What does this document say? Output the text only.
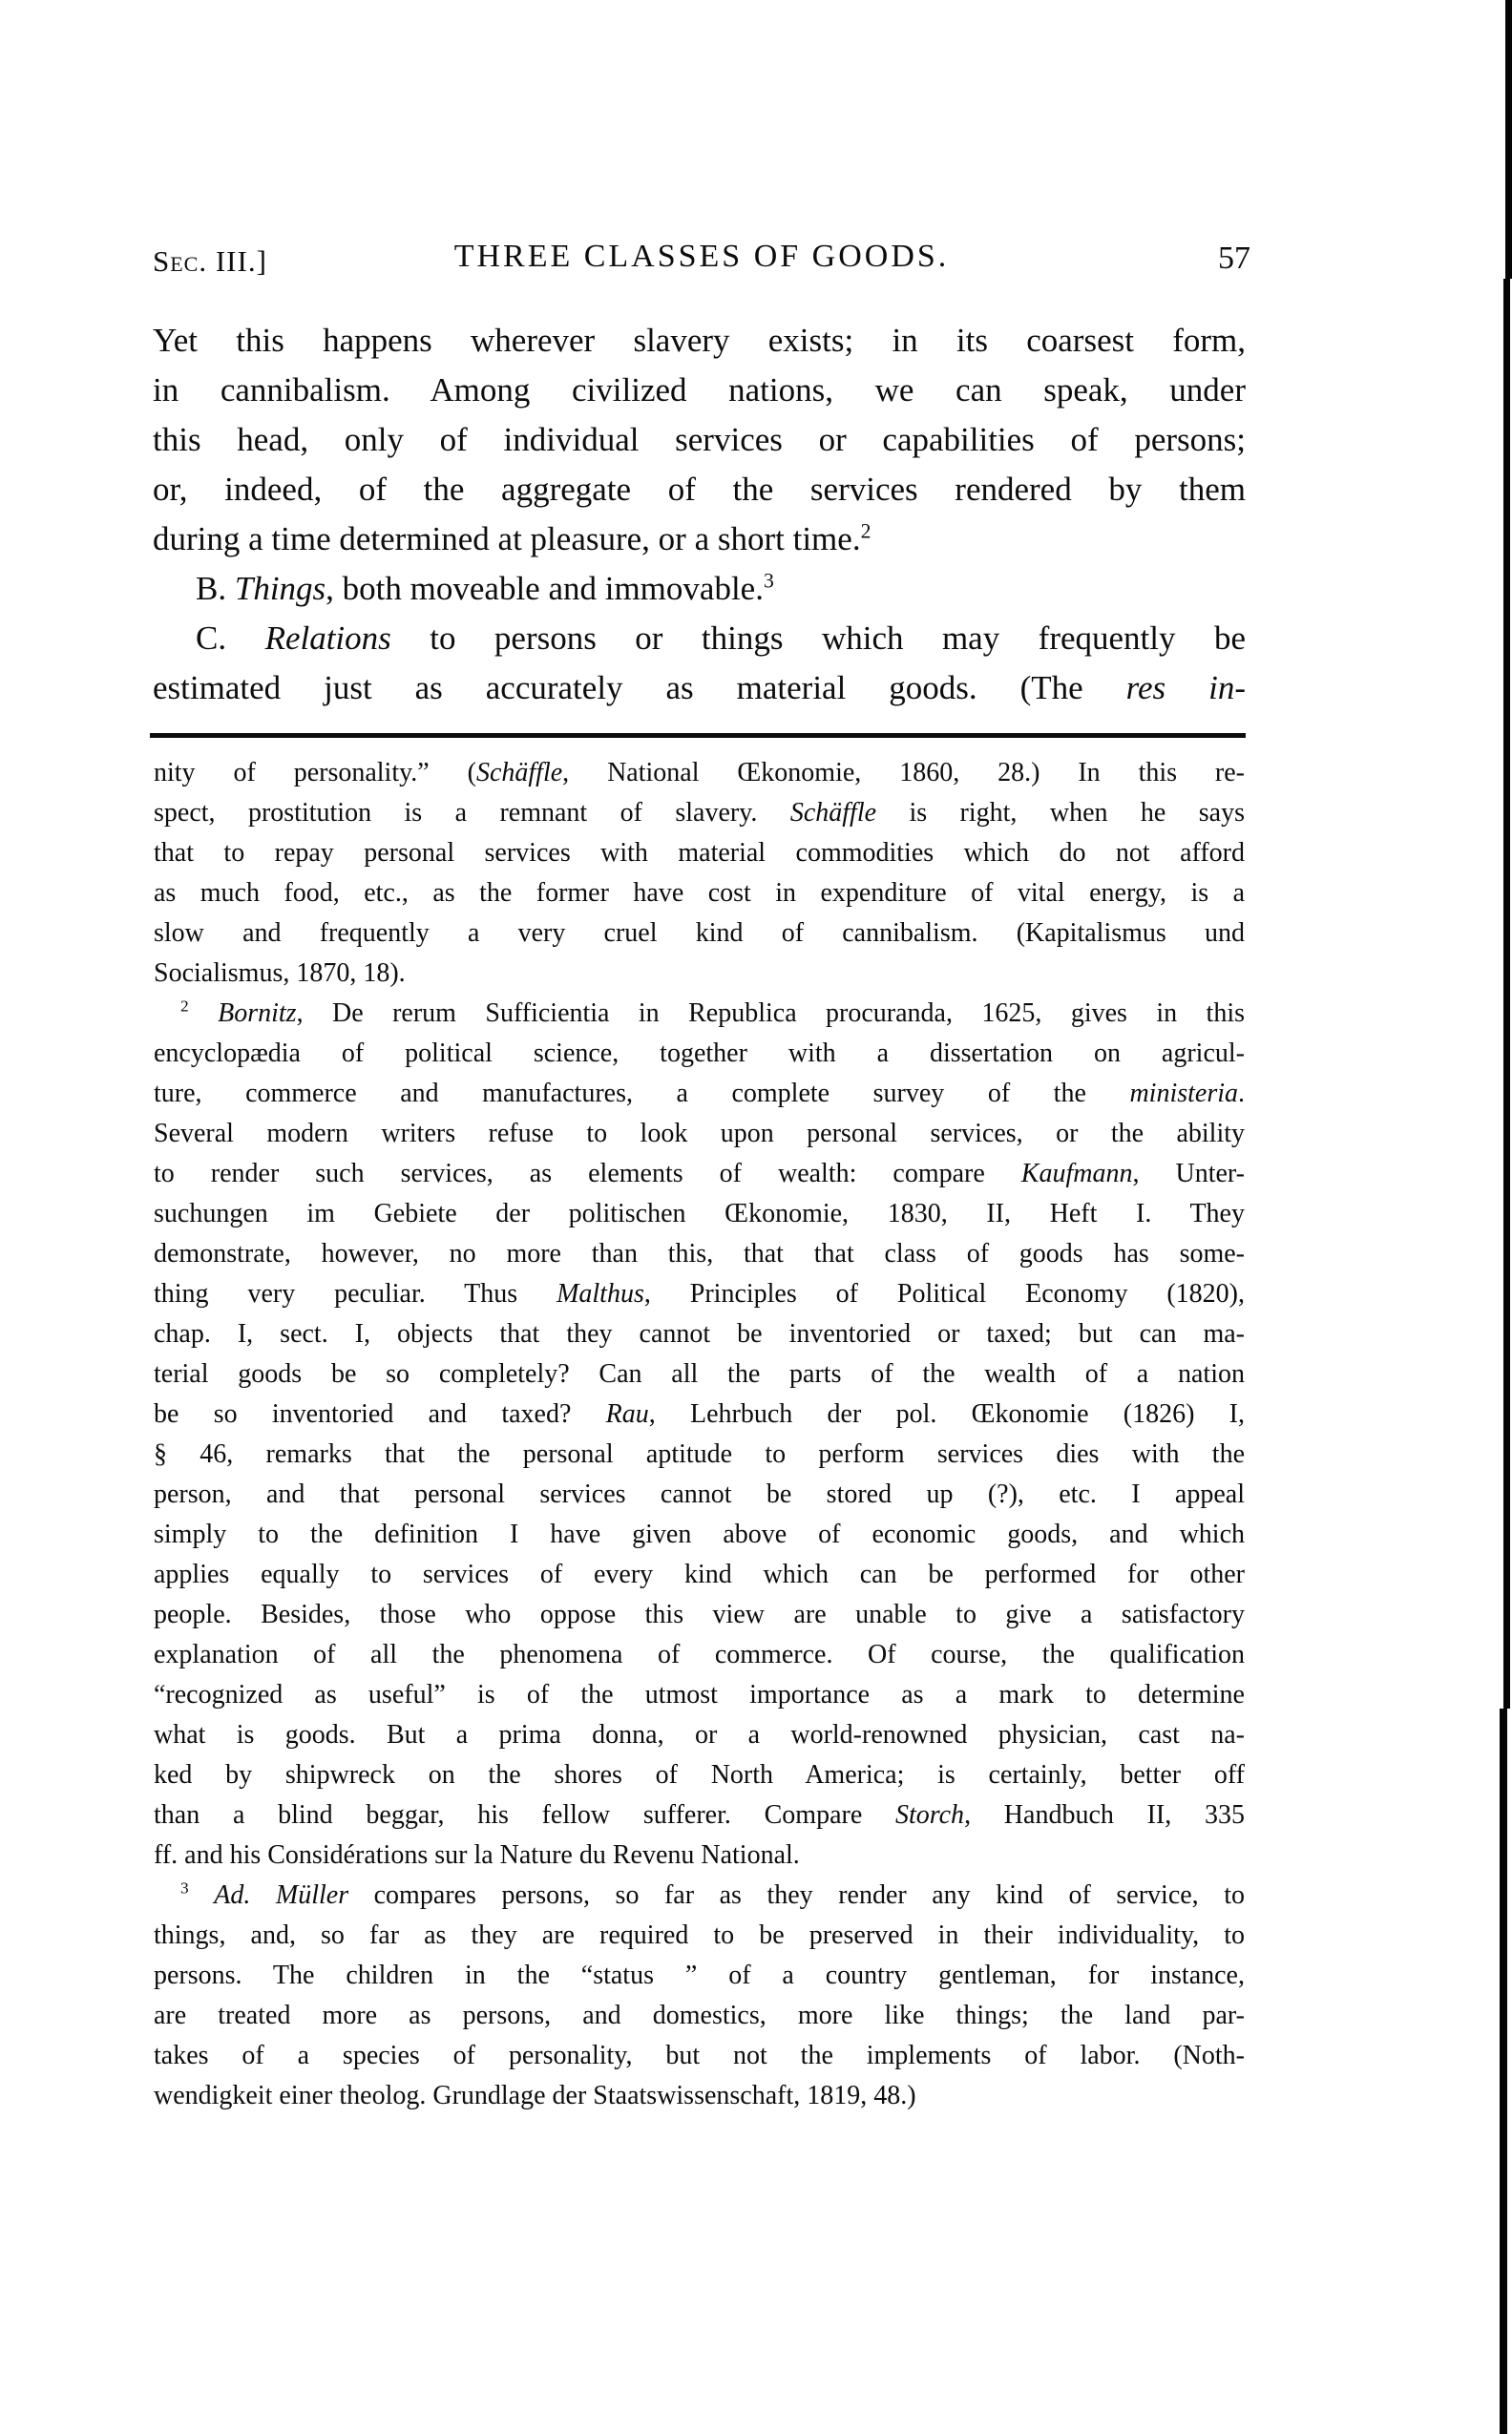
Sec. III.]	THREE CLASSES OF GOODS.	57
Yet this happens wherever slavery exists; in its coarsest form,
in cannibalism. Among civilized nations, we can speak, under
this head, only of individual services or capabilities of persons;
or, indeed, of the aggregate of the services rendered by them
during a time determined at pleasure, or a short time.$^2$
B. Things, both moveable and immovable.$^3$
C. Relations to persons or things which may frequently be
estimated just as accurately as material goods. (The res in-
nity of personality.” (Schäffle, National Œkonomie, 1860, 28.) In this re-
spect, prostitution is a remnant of slavery. Schäffle is right, when he says
that to repay personal services with material commodities which do not afford
as much food, etc., as the former have cost in expenditure of vital energy, is a
slow and frequently a very cruel kind of cannibalism. (Kapitalismus und
Socialismus, 1870, 18).
$^2$ Bornitz, De rerum Sufficientia in Republica procuranda, 1625, gives in this
encyclopædia of political science, together with a dissertation on agricul-
ture, commerce and manufactures, a complete survey of the ministeria.
Several modern writers refuse to look upon personal services, or the ability
to render such services, as elements of wealth: compare Kaufmann, Unter-
suchungen im Gebiete der politischen Œkonomie, 1830, II, Heft I. They
demonstrate, however, no more than this, that that class of goods has some-
thing very peculiar. Thus Malthus, Principles of Political Economy (1820),
chap. I, sect. I, objects that they cannot be inventoried or taxed; but can ma-
terial goods be so completely? Can all the parts of the wealth of a nation
be so inventoried and taxed? Rau, Lehrbuch der pol. Œkonomie (1826) I,
§ 46, remarks that the personal aptitude to perform services dies with the
person, and that personal services cannot be stored up (?), etc. I appeal
simply to the definition I have given above of economic goods, and which
applies equally to services of every kind which can be performed for other
people. Besides, those who oppose this view are unable to give a satisfactory
explanation of all the phenomena of commerce. Of course, the qualification
“recognized as useful” is of the utmost importance as a mark to determine
what is goods. But a prima donna, or a world-renowned physician, cast na-
ked by shipwreck on the shores of North America; is certainly, better off
than a blind beggar, his fellow sufferer. Compare Storch, Handbuch II, 335
ff. and his Considérations sur la Nature du Revenu National.
$^3$ Ad. Müller compares persons, so far as they render any kind of service, to
things, and, so far as they are required to be preserved in their individuality, to
persons. The children in the “status ” of a country gentleman, for instance,
are treated more as persons, and domestics, more like things; the land par-
takes of a species of personality, but not the implements of labor. (Noth-
wendigkeit einer theolog. Grundlage der Staatswissenschaft, 1819, 48.)
